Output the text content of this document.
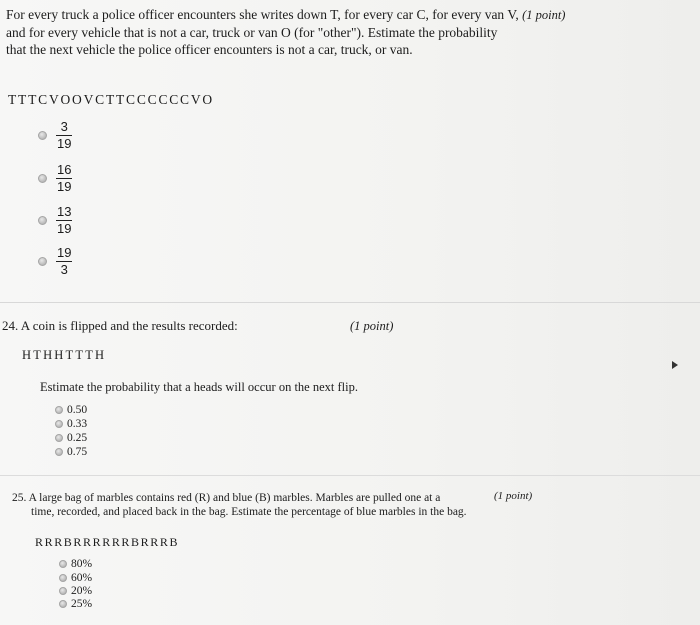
For every truck a police officer encounters she writes down T, for every car C, for every van V, (1 point)
and for every vehicle that is not a car, truck or van O (for "other"). Estimate the probability
that the next vehicle the police officer encounters is not a car, truck, or van.
TTTCVOOVCTTCCCCCCVO
$\frac{3}{19}$
$\frac{16}{19}$
$\frac{13}{19}$
$\frac{19}{3}$
24. A coin is flipped and the results recorded:	(1 point)
HTHHTTTH
Estimate the probability that a heads will occur on the next flip.
0.50
0.33
0.25
0.75
25. A large bag of marbles contains red (R) and blue (B) marbles. Marbles are pulled one at a	(1 point)
time, recorded, and placed back in the bag. Estimate the percentage of blue marbles in the bag.
RRRBRRRRRRBRRRB
80%
60%
20%
25%
